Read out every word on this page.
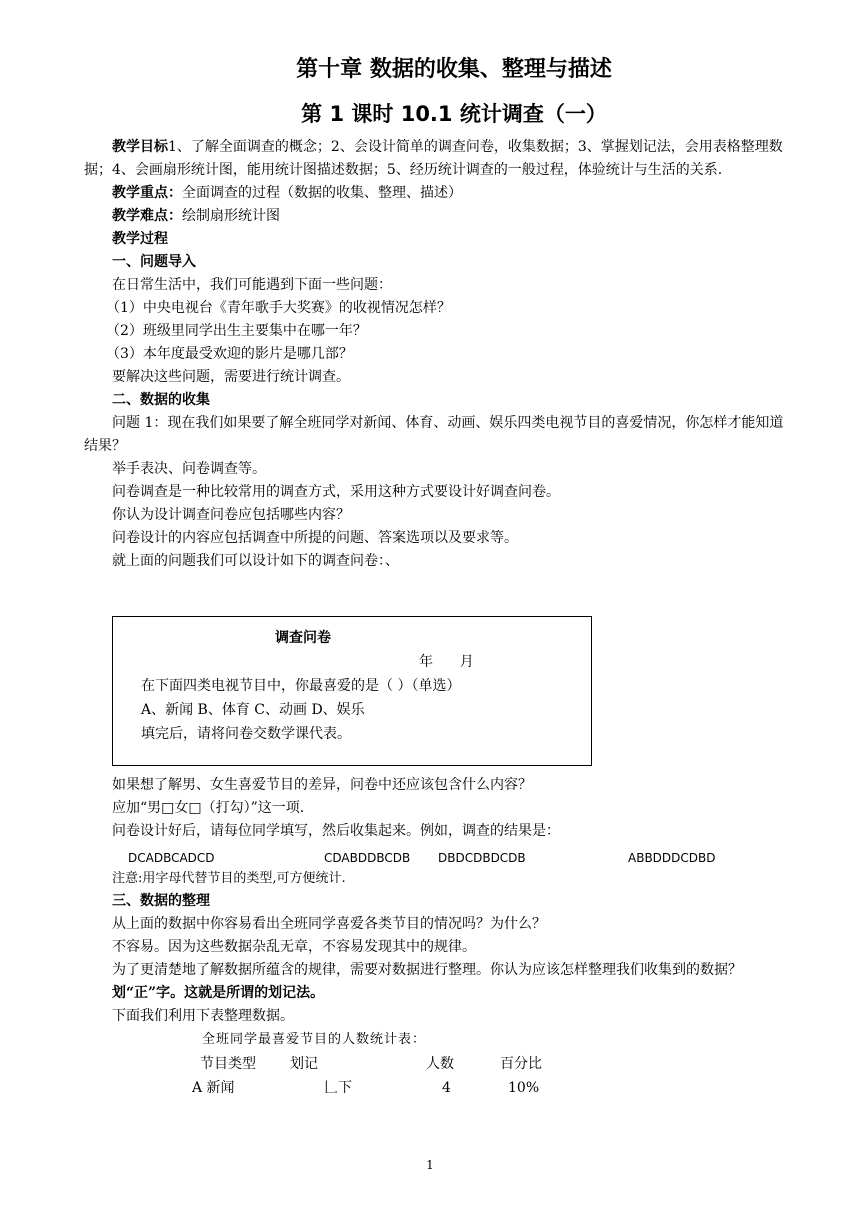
第十章 数据的收集、整理与描述
第 1 课时 10.1 统计调查（一）

教学目标1、了解全面调查的概念；2、会设计简单的调查问卷，收集数据；3、掌握划记法，会用表格整理数据；4、会画扇形统计图，能用统计图描述数据；5、经历统计调查的一般过程，体验统计与生活的关系.

教学重点：全面调查的过程（数据的收集、整理、描述）

教学难点：绘制扇形统计图

教学过程

一、问题导入

在日常生活中，我们可能遇到下面一些问题：

（1）中央电视台《青年歌手大奖赛》的收视情况怎样？

（2）班级里同学出生主要集中在哪一年？

（3）本年度最受欢迎的影片是哪几部？

要解决这些问题，需要进行统计调查。

二、数据的收集

问题 1：现在我们如果要了解全班同学对新闻、体育、动画、娱乐四类电视节目的喜爱情况，你怎样才能知道结果？

举手表决、问卷调查等。

问卷调查是一种比较常用的调查方式，采用这种方式要设计好调查问卷。

你认为设计调查问卷应包括哪些内容？

问卷设计的内容应包括调查中所提的问题、答案选项以及要求等。

就上面的问题我们可以设计如下的调查问卷：、

调查问卷
年      月
在下面四类电视节目中，你最喜爱的是（ ）（单选）
A、新闻 B、体育 C、动画 D、娱乐
填完后，请将问卷交数学课代表。

如果想了解男、女生喜爱节目的差异，问卷中还应该包含什么内容？

应加“男□女□（打勾）”这一项.

问卷设计好后，请每位同学填写，然后收集起来。例如，调查的结果是：

DCADBCADCD	CDABDDBCDB DBDCDBDCDB	ABBDDDCDBD

注意:用字母代替节目的类型,可方便统计.

三、数据的整理

从上面的数据中你容易看出全班同学喜爱各类节目的情况吗？为什么？

不容易。因为这些数据杂乱无章，不容易发现其中的规律。

为了更清楚地了解数据所蕴含的规律，需要对数据进行整理。你认为应该怎样整理我们收集到的数据？

划“正”字。这就是所谓的划记法。

下面我们利用下表整理数据。

全班同学最喜爱节目的人数统计表：

节目类型 划记	人数	百分比
A 新闻	𠃊下	4	10%
1
